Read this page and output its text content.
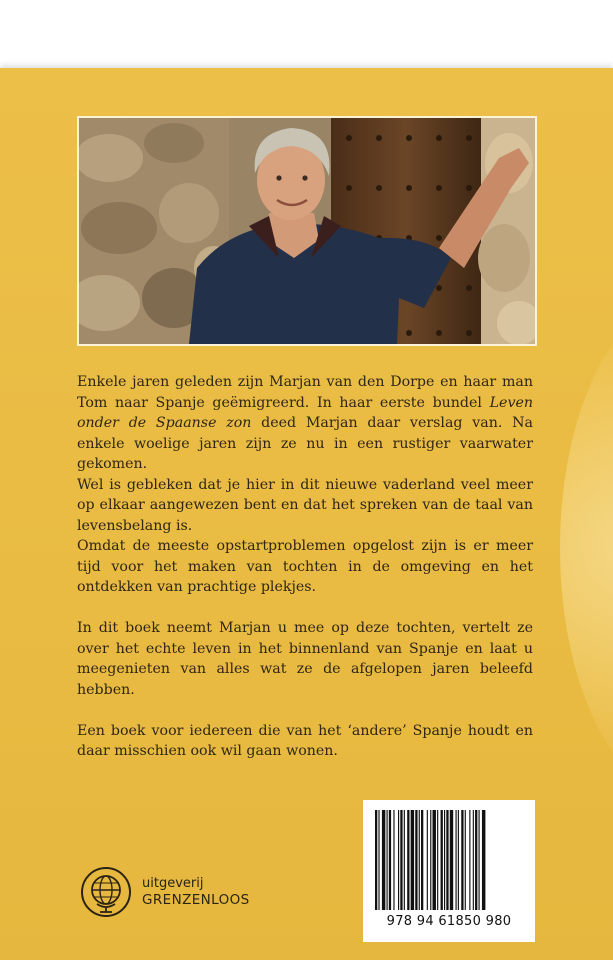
Enkele jaren geleden zijn Marjan van den Dorpe en haar man Tom naar Spanje geëmigreerd. In haar eerste bundel Leven onder de Spaanse zon deed Marjan daar verslag van. Na enkele woelige jaren zijn ze nu in een rustiger vaarwater gekomen.

Wel is gebleken dat je hier in dit nieuwe vaderland veel meer op elkaar aangewezen bent en dat het spreken van de taal van levensbelang is.

Omdat de meeste opstartproblemen opgelost zijn is er meer tijd voor het maken van tochten in de omgeving en het ontdekken van prachtige plekjes.

In dit boek neemt Marjan u mee op deze tochten, vertelt ze over het echte leven in het binnenland van Spanje en laat u meegenieten van alles wat ze de afgelopen jaren beleefd hebben.

Een boek voor iedereen die van het ‘andere’ Spanje houdt en daar misschien ook wil gaan wonen.

978 94 61850 980
uitgeverij
GRENZENLOOS
